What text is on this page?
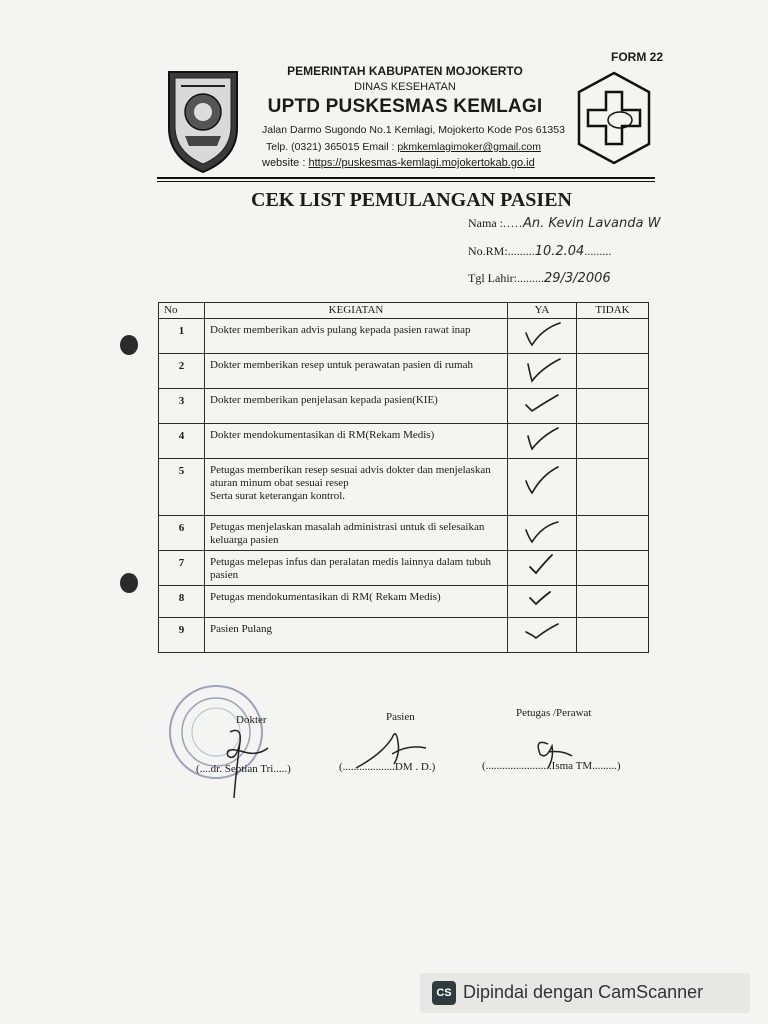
FORM 22
PEMERINTAH KABUPATEN MOJOKERTO
DINAS KESEHATAN
UPTD PUSKESMAS KEMLAGI
Jalan Darmo Sugondo No.1 Kemlagi, Mojokerto Kode Pos 61353
Telp. (0321) 365015 Email : pkmkemlagimoker@gmail.com
website : https://puskesmas-kemlagi.mojokertokab.go.id
CEK LIST PEMULANGAN PASIEN
Nama :.....An. Kevin Lavanda W
No.RM:.........10.2.04.........
Tgl Lahir:.........29/3/2006
No	KEGIATAN	YA	TIDAK
1	Dokter memberikan advis pulang kepada pasien rawat inap	

2	Dokter memberikan resep untuk perawatan pasien di rumah	

3	Dokter memberikan penjelasan kepada pasien(KIE)	

4	Dokter mendokumentasikan di RM(Rekam Medis)	

5	Petugas memberikan resep sesuai advis dokter dan menjelaskan
aturan minum obat sesuai resep
Serta surat keterangan kontrol.

6	Petugas menjelaskan masalah administrasi untuk di selesaikan
keluarga pasien

7	Petugas melepas infus dan peralatan medis lainnya dalam tubuh
pasien

8	Petugas mendokumentasikan di RM( Rekam Medis)	

9	Pasien Pulang	

Dokter	Pasien	Petugas /Perawat
(....dr. Septian Tri.....)	(...................DM . D.)	(........................Isma TM.........)
CS Dipindai dengan CamScanner
